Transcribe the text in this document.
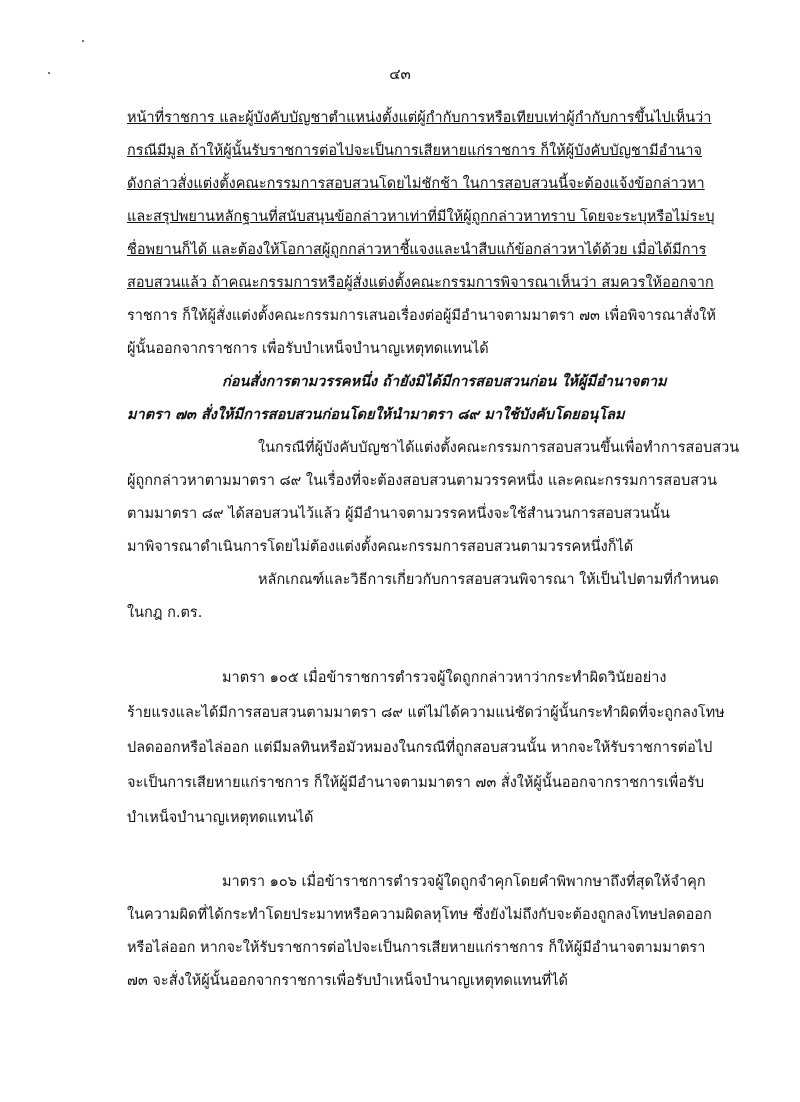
๔๓
หน้าที่ราชการ และผู้บังคับบัญชาตำแหน่งตั้งแต่ผู้กำกับการหรือเทียบเท่าผู้กำกับการขึ้นไปเห็นว่า
กรณีมีมูล ถ้าให้ผู้นั้นรับราชการต่อไปจะเป็นการเสียหายแก่ราชการ ก็ให้ผู้บังคับบัญชามีอำนาจ
ดังกล่าวสั่งแต่งตั้งคณะกรรมการสอบสวนโดยไม่ชักช้า ในการสอบสวนนี้จะต้องแจ้งข้อกล่าวหา
และสรุปพยานหลักฐานที่สนับสนุนข้อกล่าวหาเท่าที่มีให้ผู้ถูกกล่าวหาทราบ โดยจะระบุหรือไม่ระบุ
ชื่อพยานก็ได้ และต้องให้โอกาสผู้ถูกกล่าวหาชี้แจงและนำสืบแก้ข้อกล่าวหาได้ด้วย เมื่อได้มีการ
สอบสวนแล้ว ถ้าคณะกรรมการหรือผู้สั่งแต่งตั้งคณะกรรมการพิจารณาเห็นว่า สมควรให้ออกจาก
ราชการ ก็ให้ผู้สั่งแต่งตั้งคณะกรรมการเสนอเรื่องต่อผู้มีอำนาจตามมาตรา ๗๓ เพื่อพิจารณาสั่งให้
ผู้นั้นออกจากราชการ เพื่อรับบำเหน็จบำนาญเหตุทดแทนได้
ก่อนสั่งการตามวรรคหนึ่ง ถ้ายังมิได้มีการสอบสวนก่อน ให้ผู้มีอำนาจตาม
มาตรา ๗๓ สั่งให้มีการสอบสวนก่อนโดยให้นำมาตรา ๘๙ มาใช้บังคับโดยอนุโลม
ในกรณีที่ผู้บังคับบัญชาได้แต่งตั้งคณะกรรมการสอบสวนขึ้นเพื่อทำการสอบสวน
ผู้ถูกกล่าวหาตามมาตรา ๘๙ ในเรื่องที่จะต้องสอบสวนตามวรรคหนึ่ง และคณะกรรมการสอบสวน
ตามมาตรา ๘๙ ได้สอบสวนไว้แล้ว ผู้มีอำนาจตามวรรคหนึ่งจะใช้สำนวนการสอบสวนนั้น
มาพิจารณาดำเนินการโดยไม่ต้องแต่งตั้งคณะกรรมการสอบสวนตามวรรคหนึ่งก็ได้
หลักเกณฑ์และวิธีการเกี่ยวกับการสอบสวนพิจารณา ให้เป็นไปตามที่กำหนด
ในกฎ ก.ตร.
มาตรา ๑๐๕ เมื่อข้าราชการตำรวจผู้ใดถูกกล่าวหาว่ากระทำผิดวินัยอย่าง
ร้ายแรงและได้มีการสอบสวนตามมาตรา ๘๙ แต่ไม่ได้ความแน่ชัดว่าผู้นั้นกระทำผิดที่จะถูกลงโทษ
ปลดออกหรือไล่ออก แต่มีมลทินหรือมัวหมองในกรณีที่ถูกสอบสวนนั้น หากจะให้รับราชการต่อไป
จะเป็นการเสียหายแก่ราชการ ก็ให้ผู้มีอำนาจตามมาตรา ๗๓ สั่งให้ผู้นั้นออกจากราชการเพื่อรับ
บำเหน็จบำนาญเหตุทดแทนได้
มาตรา ๑๐๖ เมื่อข้าราชการตำรวจผู้ใดถูกจำคุกโดยคำพิพากษาถึงที่สุดให้จำคุก
ในความผิดที่ได้กระทำโดยประมาทหรือความผิดลหุโทษ ซึ่งยังไม่ถึงกับจะต้องถูกลงโทษปลดออก
หรือไล่ออก หากจะให้รับราชการต่อไปจะเป็นการเสียหายแก่ราชการ ก็ให้ผู้มีอำนาจตามมาตรา
๗๓ จะสั่งให้ผู้นั้นออกจากราชการเพื่อรับบำเหน็จบำนาญเหตุทดแทนที่ได้
